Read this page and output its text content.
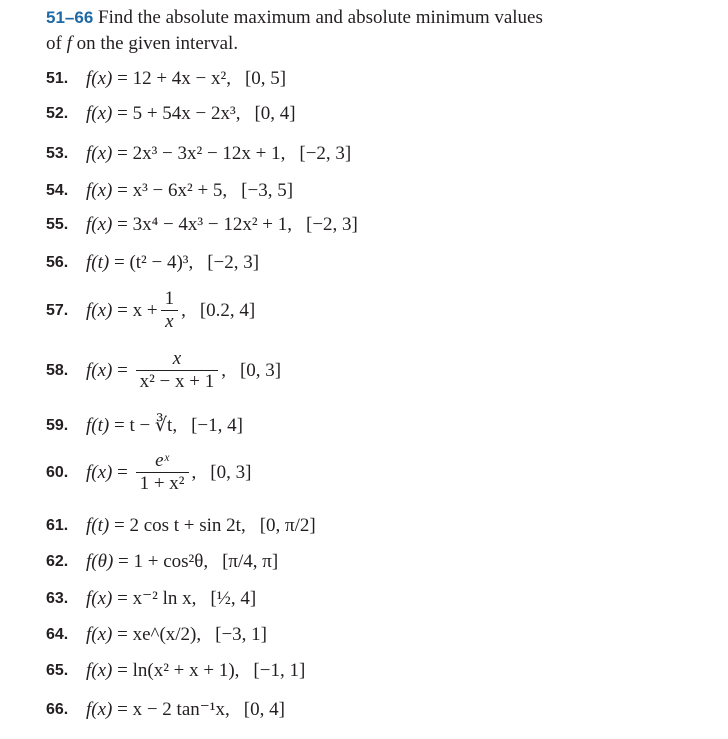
51–66 Find the absolute maximum and absolute minimum values
of f on the given interval.
51. f(x) = 12 + 4x − x², [0, 5]
52. f(x) = 5 + 54x − 2x³, [0, 4]
53. f(x) = 2x³ − 3x² − 12x + 1, [−2, 3]
54. f(x) = x³ − 6x² + 5, [−3, 5]
55. f(x) = 3x⁴ − 4x³ − 12x² + 1, [−2, 3]
56. f(t) = (t² − 4)³, [−2, 3]
57. $f(x) = x + \frac{1}{x}$ , [0.2, 4]
58. $f(x) = \frac{x}{\text{x² − x + 1}}$ , [0, 3]
59. f(t) = t − ∛t, [−1, 4]
60. $f(x) = \frac{\text{eˣ}}{\text{1 + x²}}$ , [0, 3]
61. f(t) = 2 cos t + sin 2t, [0, π/2]
62. f(θ) = 1 + cos²θ, [π/4, π]
63. f(x) = x⁻² ln x, [½, 4]
64. f(x) = xe^(x/2), [−3, 1]
65. f(x) = ln(x² + x + 1), [−1, 1]
66. f(x) = x − 2 tan⁻¹x, [0, 4]
